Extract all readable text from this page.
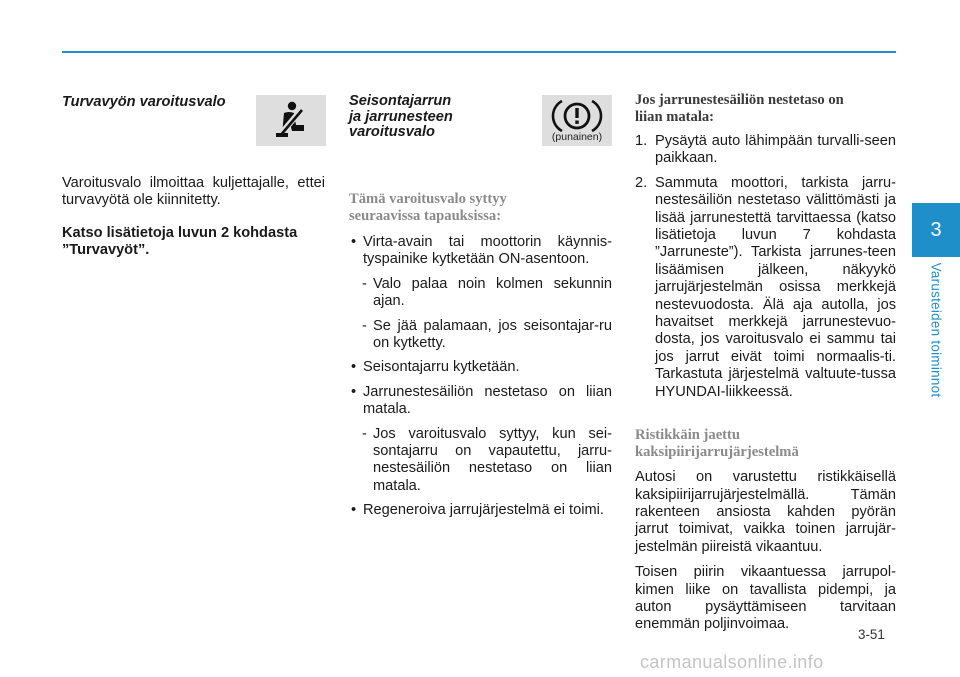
Turvavyön varoitusvalo

Varoitusvalo ilmoittaa kuljettajalle, ettei turvavyötä ole kiinnitetty.

Katso lisätietoja luvun 2 kohdasta ”Turvavyöt”.

Seisontajarrun
ja jarrunesteen
varoitusvalo	(punainen)
Tämä varoitusvalo syttyy
seuraavissa tapauksissa:
• Virta-avain tai moottorin käynnis-tyspainike kytketään ON-asentoon.
- Valo palaa noin kolmen sekunnin ajan.
- Se jää palamaan, jos seisontajar-ru on kytketty.
• Seisontajarru kytketään.
• Jarrunestesäiliön nestetaso on liian matala.
- Jos varoitusvalo syttyy, kun sei-sontajarru on vapautettu, jarru-nestesäiliön nestetaso on liian matala.
• Regeneroiva jarrujärjestelmä ei toimi.
Jos jarrunestesäiliön nestetaso on
liian matala:
1. Pysäytä auto lähimpään turvalli-seen paikkaan.
2. Sammuta moottori, tarkista jarru-nestesäiliön nestetaso välittömästi ja lisää jarrunestettä tarvittaessa (katso lisätietoja luvun 7 kohdasta ”Jarruneste”). Tarkista jarrunes-teen lisäämisen jälkeen, näkyykö jarrujärjestelmän osissa merkkejä nestevuodosta. Älä aja autolla, jos havaitset merkkejä jarrunestevuo-dosta, jos varoitusvalo ei sammu tai jos jarrut eivät toimi normaalis-ti. Tarkastuta järjestelmä valtuute-tussa HYUNDAI-liikkeessä.
Ristikkäin jaettu
kaksipiirijarrujärjestelmä

Autosi on varustettu ristikkäisellä kaksipiirijarrujärjestelmällä. Tämän rakenteen ansiosta kahden pyörän jarrut toimivat, vaikka toinen jarrujär-jestelmän piireistä vikaantuu.

Toisen piirin vikaantuessa jarrupol-kimen liike on tavallista pidempi, ja auton pysäyttämiseen tarvitaan enemmän poljinvoimaa.

3
Varusteiden toiminnot
3-51
carmanualsonline.info
